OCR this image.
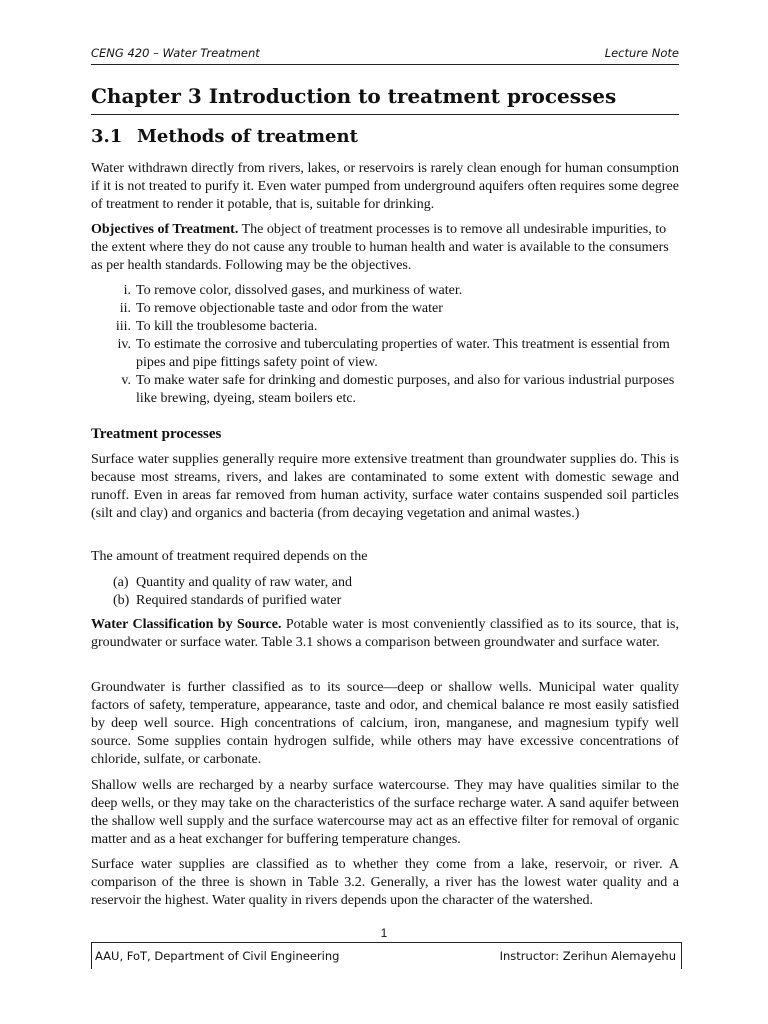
CENG 420 – Water Treatment	Lecture Note
Chapter 3 Introduction to treatment processes
3.1 Methods of treatment

Water withdrawn directly from rivers, lakes, or reservoirs is rarely clean enough for human consumption if it is not treated to purify it. Even water pumped from underground aquifers often requires some degree of treatment to render it potable, that is, suitable for drinking.

Objectives of Treatment. The object of treatment processes is to remove all undesirable impurities, to the extent where they do not cause any trouble to human health and water is available to the consumers as per health standards. Following may be the objectives.

i. To remove color, dissolved gases, and murkiness of water.
ii. To remove objectionable taste and odor from the water
iii. To kill the troublesome bacteria.
iv. To estimate the corrosive and tuberculating properties of water. This treatment is essential from pipes and pipe fittings safety point of view.
v. To make water safe for drinking and domestic purposes, and also for various industrial purposes like brewing, dyeing, steam boilers etc.
Treatment processes

Surface water supplies generally require more extensive treatment than groundwater supplies do. This is because most streams, rivers, and lakes are contaminated to some extent with domestic sewage and runoff. Even in areas far removed from human activity, surface water contains suspended soil particles (silt and clay) and organics and bacteria (from decaying vegetation and animal wastes.)

The amount of treatment required depends on the

(a) Quantity and quality of raw water, and
(b) Required standards of purified water

Water Classification by Source. Potable water is most conveniently classified as to its source, that is, groundwater or surface water. Table 3.1 shows a comparison between groundwater and surface water.

Groundwater is further classified as to its source—deep or shallow wells. Municipal water quality factors of safety, temperature, appearance, taste and odor, and chemical balance re most easily satisfied by deep well source. High concentrations of calcium, iron, manganese, and magnesium typify well source. Some supplies contain hydrogen sulfide, while others may have excessive concentrations of chloride, sulfate, or carbonate.

Shallow wells are recharged by a nearby surface watercourse. They may have qualities similar to the deep wells, or they may take on the characteristics of the surface recharge water. A sand aquifer between the shallow well supply and the surface watercourse may act as an effective filter for removal of organic matter and as a heat exchanger for buffering temperature changes.

Surface water supplies are classified as to whether they come from a lake, reservoir, or river. A comparison of the three is shown in Table 3.2. Generally, a river has the lowest water quality and a reservoir the highest. Water quality in rivers depends upon the character of the watershed.

1
AAU, FoT, Department of Civil Engineering	Instructor: Zerihun Alemayehu
